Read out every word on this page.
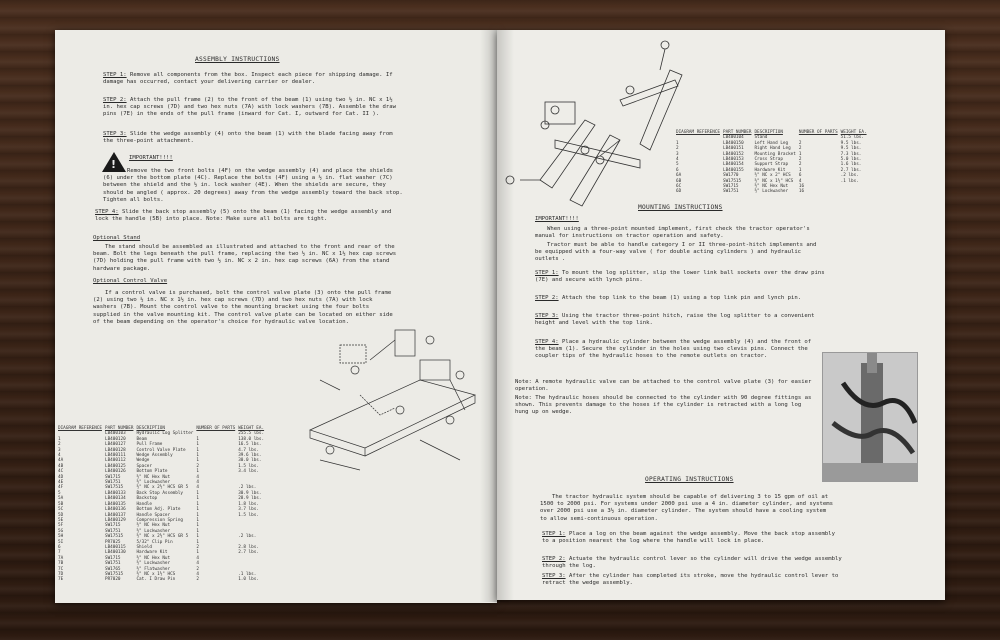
ASSEMBLY INSTRUCTIONS
STEP 1: Remove all components from the box. Inspect each piece for shipping damage. If damage has occurred, contact your delivering carrier or dealer.
STEP 2: Attach the pull frame (2) to the front of the beam (1) using two ½ in. NC x 1½ in. hex cap screws (7D) and two hex nuts (7A) with lock washers (7B). Assemble the draw pins (7E) in the ends of the pull frame (inward for Cat. I, outward for Cat. II ).
STEP 3: Slide the wedge assembly (4) onto the beam (1) with the blade facing away from the three-point attachment.
! IMPORTANT!!!!
Remove the two front bolts (4F) on the wedge assembly (4) and place the shields (6) under the bottom plate (4C). Replace the bolts (4F) using a ½ in. flat washer (7C) between the shield and the ½ in. lock washer (4E). When the shields are secure, they should be angled ( approx. 20 degrees) away from the wedge assembly toward the back stop. Tighten all bolts.
STEP 4: Slide the back stop assembly (5) onto the beam (1) facing the wedge assembly and lock the handle (5B) into place. Note: Make sure all bolts are tight.
Optional Stand
The stand should be assembled as illustrated and attached to the front and rear of the beam. Bolt the legs beneath the pull frame, replacing the two ½ in. NC x 1½ hex cap screws (7D) holding the pull frame with two ½ in. NC x 2 in. hex cap screws (6A) from the stand hardware package.
Optional Control Valve
If a control valve is purchased, bolt the control valve plate (3) onto the pull frame (2) using two ½ in. NC x 1½ in. hex cap screws (7D) and two hex nuts (7A) with lock washers (7B). Mount the control valve to the mounting bracket using the four bolts supplied in the valve mounting kit. The control valve plate can be located on either side of the beam depending on the operator's choice for hydraulic valve location.
DIAGRAM REFERENCE	PART NUMBER	DESCRIPTION	NUMBER OF PARTS	WEIGHT EA.
	LB400103	Hydraulic Log Splitter		255.5 lbs.
1	LB400120	Beam	1	138.0 lbs.
2	LB400127	Pull Frame	1	16.5 lbs.
3	LB400128	Control Valve Plate	1	4.7 lbs.
4	LB400111	Wedge Assembly	1	39.6 lbs.
4A	LB400112	Wedge	1	30.0 lbs.
4B	LB400125	Spacer	2	1.5 lbs.
4C	LB400126	Bottom Plate	1	3.4 lbs.
4D	SW1715	½" NC Hex Nut	4	
4E	SW1751	½" Lockwasher	4	
4F	SW17515	½" NC x 2½" HCS GR 5	4	.2 lbs.
5	LB400133	Back Stop Assembly	1	30.9 lbs.
5A	LB400134	Backstop	1	28.9 lbs.
5B	LB400135	Handle	1	1.8 lbs.
5C	LB400136	Bottom Adj. Plate	1	3.7 lbs.
5D	LB400137	Handle Spacer	1	1.5 lbs.
5E	LB400129	Compression Spring	1	
5F	SW1715	½" NC Hex Nut	1	
5G	SW1751	½" Lockwasher	1	
5H	SW17515	½" NC x 2½" HCS GR 5	1	.2 lbs.
5I	PR7025	5/32" Clip Pin	1	
6	LB400115	Shield	2	2.8 lbs.
7	LB400130	Hardware Kit	1	2.7 lbs.
7A	SW1715	½" NC Hex Nut	4	
7B	SW1751	½" Lockwasher	4	
7C	SW1765	½" Flatwasher	2	
7D	SW17515	½" NC x 1½" HCS	4	.1 lbs.
7E	PR7020	Cat. I Draw Pin	2	1.0 lbs.
DIAGRAM REFERENCE	PART NUMBER	DESCRIPTION	NUMBER OF PARTS	WEIGHT EA.
	LB400104	Stand		51.5 lbs.
1	LB400150	Left Hand Leg	2	9.5 lbs.
2	LB400151	Right Hand Leg	2	9.5 lbs.
3	LB400152	Mounting Bracket	1	7.3 lbs.
4	LB400153	Cross Strap	2	5.0 lbs.
5	LB400154	Support Strap	2	1.6 lbs.
6	LB400155	Hardware Kit	1	2.7 lbs.
6A	SW1770	½" NC x 2" HCS	6	.2 lbs.
6B	SW17515	½" NC x 1½" HCS	4	.1 lbs.
6C	SW1715	½" NC Hex Nut	16	
6D	SW1751	½" Lockwasher	16	
MOUNTING INSTRUCTIONS
IMPORTANT!!!!
When using a three-point mounted implement, first check the tractor operator's manual for instructions on tractor operation and safety.
Tractor must be able to handle category I or II three-point-hitch implements and be equipped with a four-way valve ( for double acting cylinders ) and hydraulic outlets .
STEP 1: To mount the log splitter, slip the lower link ball sockets over the draw pins (7E) and secure with lynch pins.
STEP 2: Attach the top link to the beam (1) using a top link pin and lynch pin.
STEP 3: Using the tractor three-point hitch, raise the log splitter to a convenient height and level with the top link.
STEP 4: Place a hydraulic cylinder between the wedge assembly (4) and the front of the beam (1). Secure the cylinder in the holes using two clevis pins. Connect the coupler tips of the hydraulic hoses to the remote outlets on tractor.
Note: A remote hydraulic valve can be attached to the control valve plate (3) for easier operation.
Note: The hydraulic hoses should be connected to the cylinder with 90 degree fittings as shown. This prevents damage to the hoses if the cylinder is retracted with a long log hung up on wedge.
OPERATING INSTRUCTIONS
The tractor hydraulic system should be capable of delivering 3 to 15 gpm of oil at 1500 to 2000 psi. For systems under 2000 psi use a 4 in. diameter cylinder, and systems over 2000 psi use a 3½ in. diameter cylinder. The system should have a cooling system to allow semi-continuous operation.
STEP 1: Place a log on the beam against the wedge assembly. Move the back stop assembly to a position nearest the log where the handle will lock in place.
STEP 2: Actuate the hydraulic control lever so the cylinder will drive the wedge assembly through the log.
STEP 3: After the cylinder has completed its stroke, move the hydraulic control lever to retract the wedge assembly.
